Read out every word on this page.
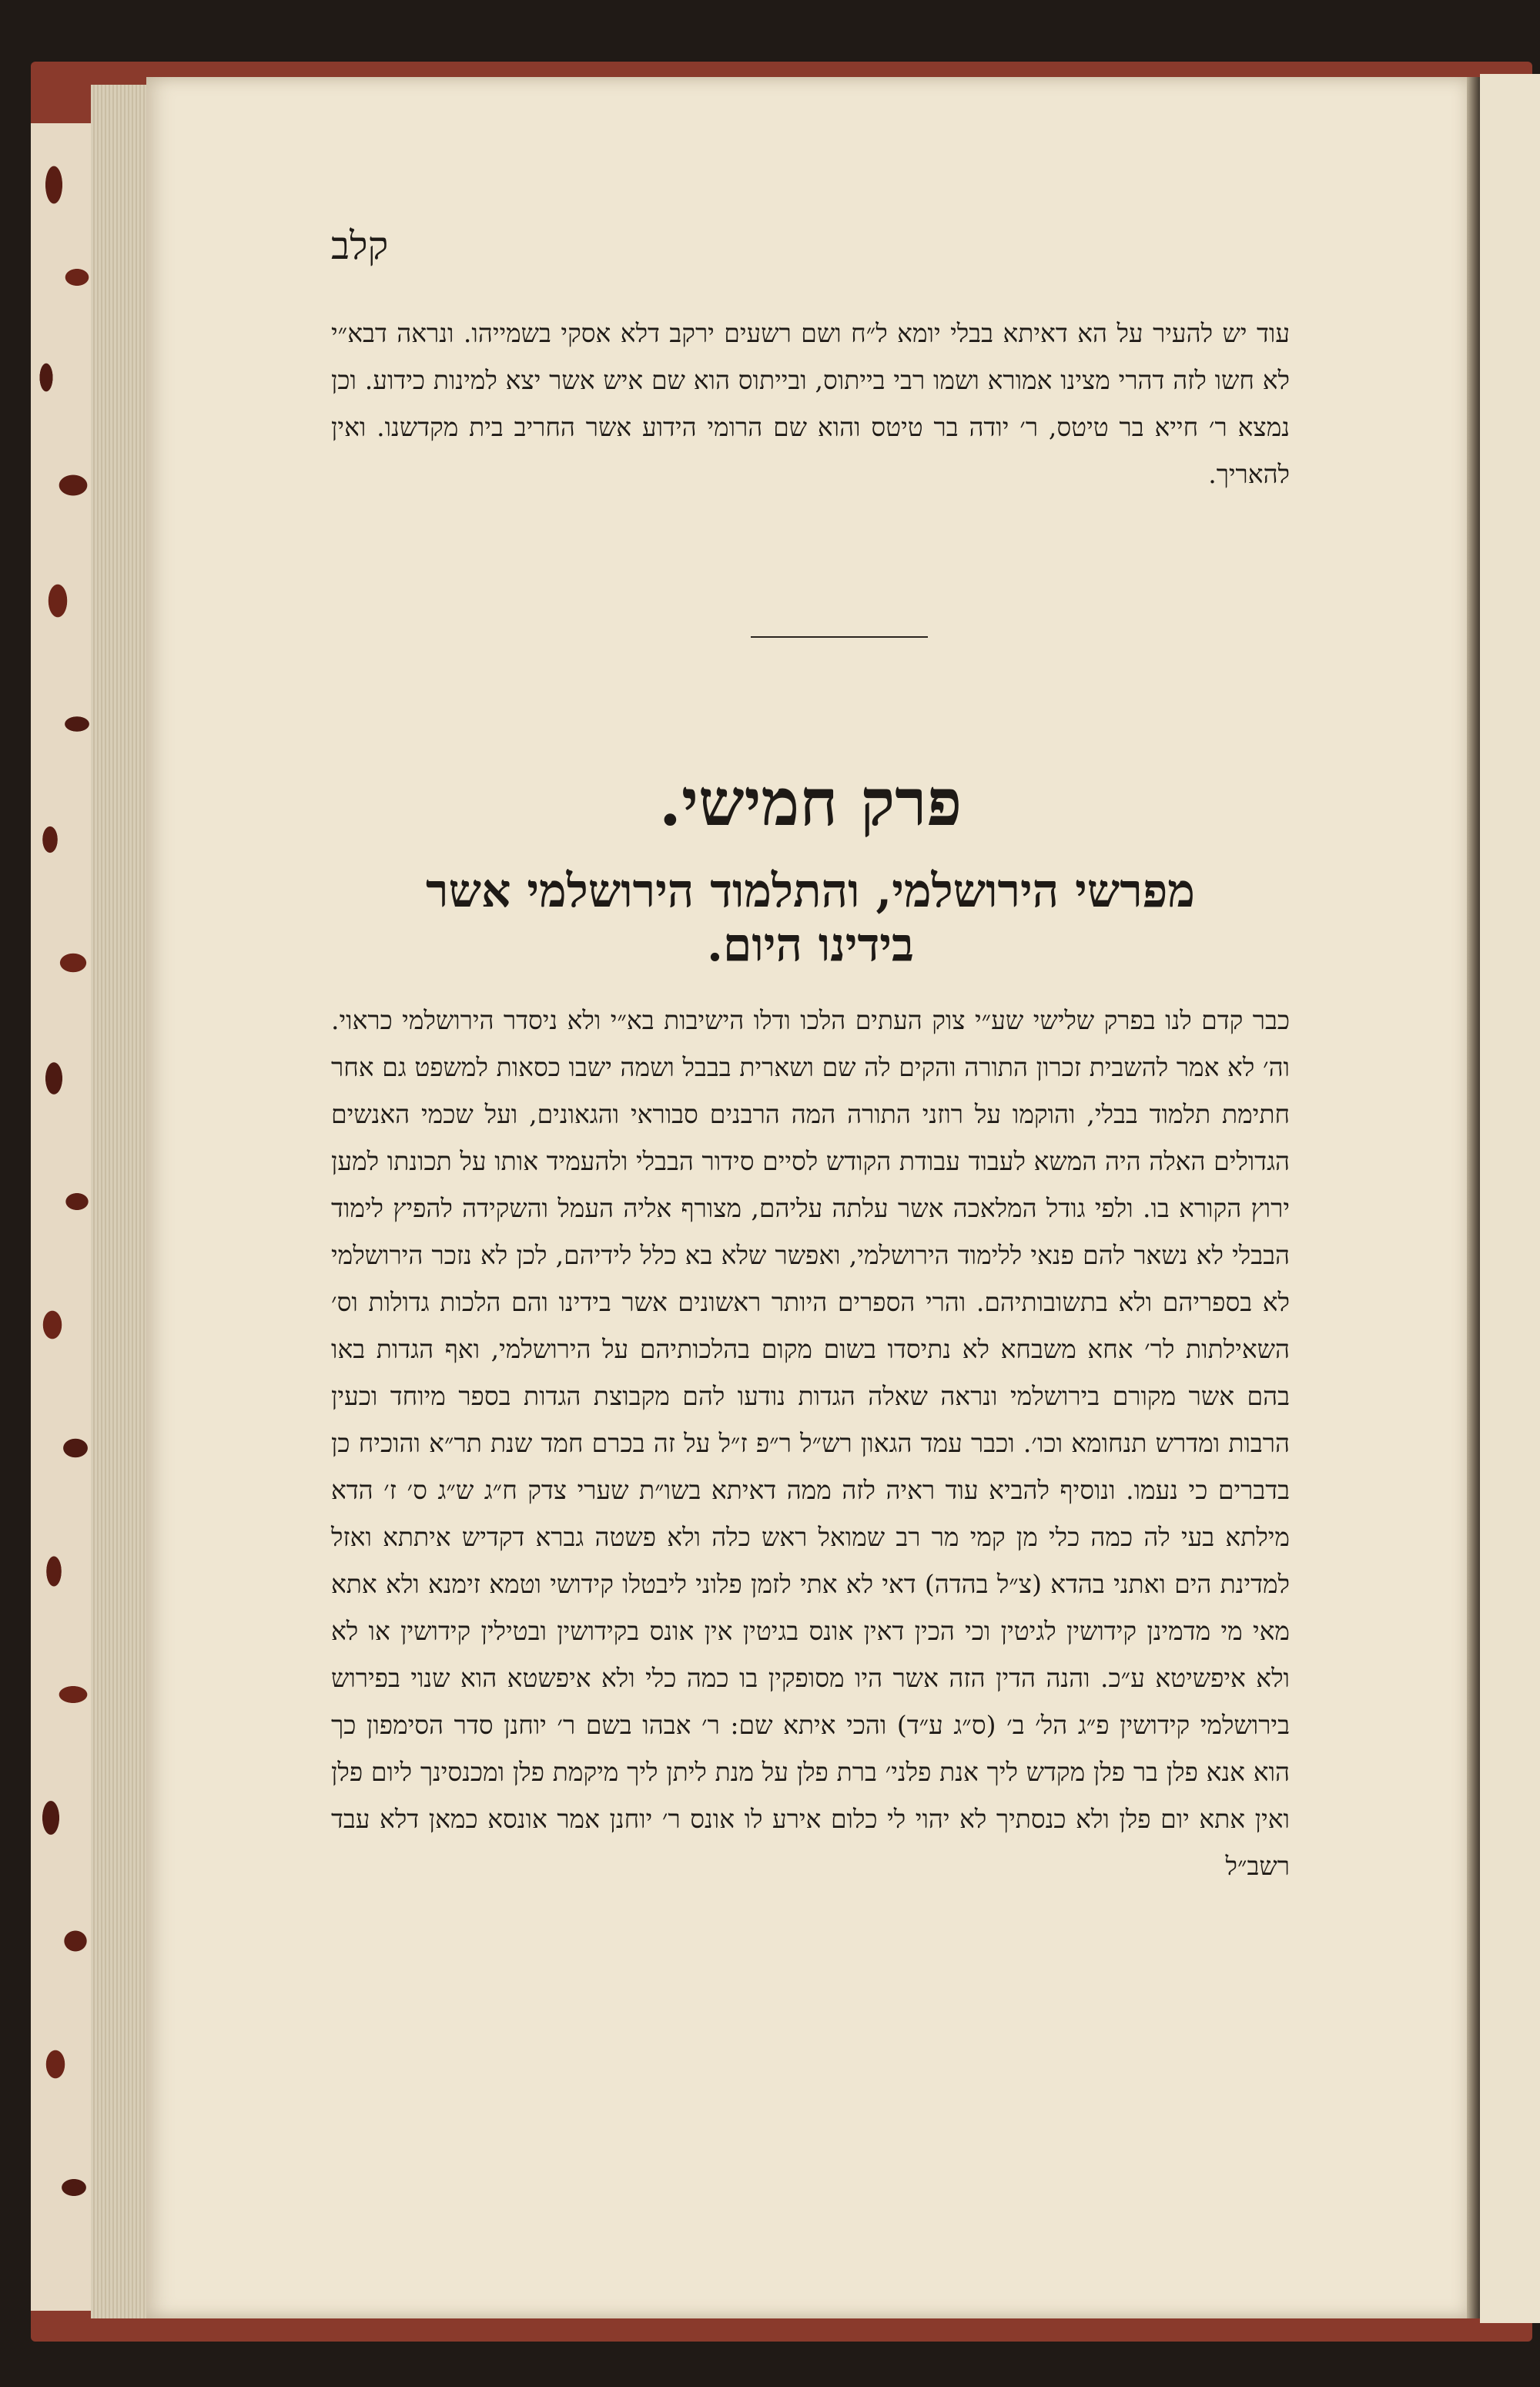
קלב
עוד יש להעיר על הא דאיתא בבלי יומא ל״ח ושם רשעים ירקב דלא אסקי בשמייהו. ונראה דבא״י לא חשו לזה דהרי מצינו אמורא ושמו רבי בייתוס, ובייתוס הוא שם איש אשר יצא למינות כידוע. וכן נמצא ר׳ חייא בר טיטס, ר׳ יודה בר טיטס והוא שם הרומי הידוע אשר החריב בית מקדשנו. ואין להאריך.
פרק חמישי.
מפרשי הירושלמי, והתלמוד הירושלמי אשר
בידינו היום.
כבר קדם לנו בפרק שלישי שע״י צוק העתים הלכו ודלו הישיבות בא״י ולא ניסדר הירושלמי כראוי. וה׳ לא אמר להשבית זכרון התורה והקים לה שם ושארית בבבל ושמה ישבו כסאות למשפט גם אחר חתימת תלמוד בבלי, והוקמו על רוזני התורה המה הרבנים סבוראי והגאונים, ועל שכמי האנשים הגדולים האלה היה המשא לעבוד עבודת הקודש לסיים סידור הבבלי ולהעמיד אותו על תכונתו למען ירוץ הקורא בו. ולפי גודל המלאכה אשר עלתה עליהם, מצורף אליה העמל והשקידה להפיץ לימוד הבבלי לא נשאר להם פנאי ללימוד הירושלמי, ואפשר שלא בא כלל לידיהם, לכן לא נזכר הירושלמי לא בספריהם ולא בתשובותיהם. והרי הספרים היותר ראשונים אשר בידינו והם הלכות גדולות וס׳ השאילתות לר׳ אחא משבחא לא נתיסדו בשום מקום בהלכותיהם על הירושלמי, ואף הגדות באו בהם אשר מקורם בירושלמי ונראה שאלה הגדות נודעו להם מקבוצת הגדות בספר מיוחד וכעין הרבות ומדרש תנחומא וכו׳. וכבר עמד הגאון רש״ל ר״פ ז״ל על זה בכרם חמד שנת תר״א והוכיח כן בדברים כי נעמו. ונוסיף להביא עוד ראיה לזה ממה דאיתא בשו״ת שערי צדק ח״ג ש״ג ס׳ ז׳ הדא מילתא בעי לה כמה כלי מן קמי מר רב שמואל ראש כלה ולא פשטה גברא דקדיש איתתא ואזל למדינת הים ואתני בהדא (צ״ל בהדה) דאי לא אתי לזמן פלוני ליבטלו קידושי וטמא זימנא ולא אתא מאי מי מדמינן קידושין לגיטין וכי הכין דאין אונס בגיטין אין אונס בקידושין ובטילין קידושין או לא ולא איפשיטא ע״כ. והנה הדין הזה אשר היו מסופקין בו כמה כלי ולא איפשטא הוא שנוי בפירוש בירושלמי קידושין פ״ג הל׳ ב׳ (ס״ג ע״ד) והכי איתא שם: ר׳ אבהו בשם ר׳ יוחנן סדר הסימפון כך הוא אנא פלן בר פלן מקדש ליך אנת פלני׳ ברת פלן על מנת ליתן ליך מיקמת פלן ומכנסינך ליום פלן ואין אתא יום פלן ולא כנסתיך לא יהוי לי כלום אירע לו אונס ר׳ יוחנן אמר אונסא כמאן דלא עבד רשב״ל
